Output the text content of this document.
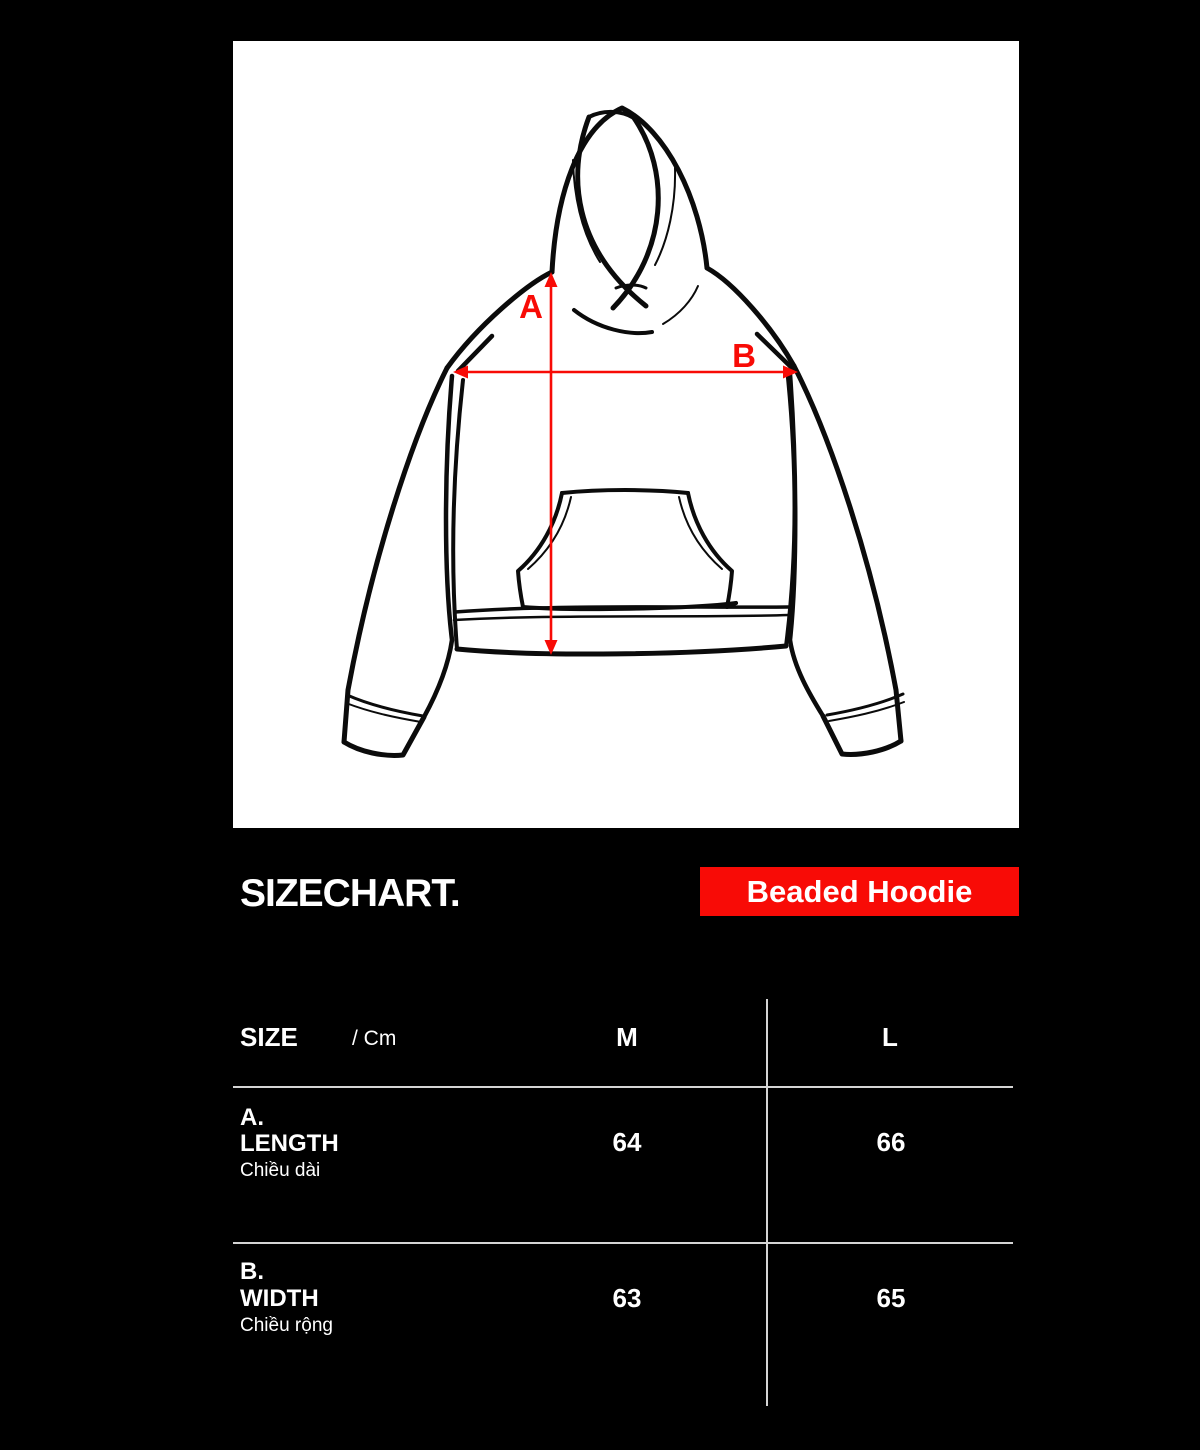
A
B
SIZECHART.	Beaded Hoodie
SIZE	/ Cm	M	L
A.
LENGTH
Chiều dài
64	66
B.
WIDTH
Chiều rộng
63	65
